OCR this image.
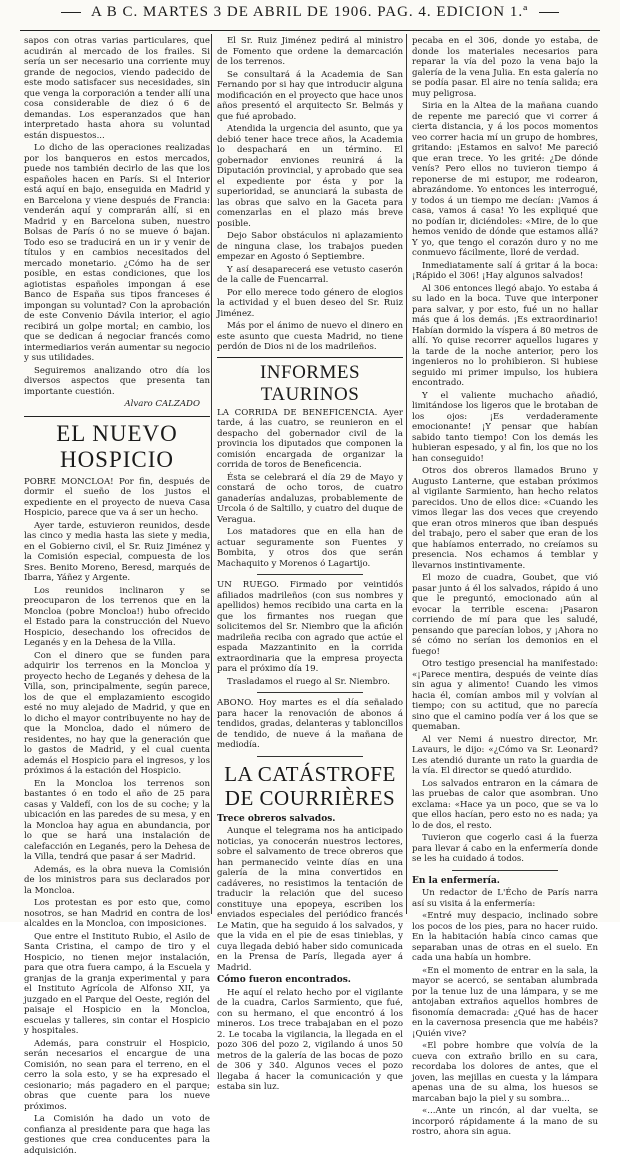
A B C. MARTES 3 DE ABRIL DE 1906. PAG. 4. EDICION 1.ª

sapos con otras varias particulares, que acudirán al mercado de los frailes. Si sería un ser necesario una corriente muy grande de negocios, viendo padecido de este modo satisfacer sus necesidades, sin que venga la corporación a tender allí una cosa considerable de diez ó 6 de demandas. Los esperanzados que han interpretado hasta ahora su voluntad están dispuestos...

Lo dicho de las operaciones realizadas por los banqueros en estos mercados, puede nos también decirlo de las que los españoles hacen en París. Si el Interior está aquí en bajo, enseguida en Madrid y en Barcelona y viene después de Francia: venderán aquí y comprarán allí, si en Madrid y en Barcelona suben, nuestro Bolsas de París ó no se mueve ó bajan. Todo eso se traducirá en un ir y venir de títulos y en cambios necesitados del mercado monetario. ¿Cómo ha de ser posible, en estas condiciones, que los agiotistas españoles impongan á ese Banco de España sus tipos franceses é impongan su voluntad? Con la aprobación de este Convenio Dávila interior, el agio recibirá un golpe mortal; en cambio, los que se dedican á negociar francés como intermediarios verán aumentar su negocio y sus utilidades.

Seguiremos analizando otro día los diversos aspectos que presenta tan importante cuestión.

Alvaro CALZADO
EL NUEVO HOSPICIO

POBRE MONCLOA! Por fin, después de dormir el sueño de los justos el expediente en el proyecto de nueva Casa Hospicio, parece que va á ser un hecho.

Ayer tarde, estuvieron reunidos, desde las cinco y media hasta las siete y media, en el Gobierno civil, el Sr. Ruiz Jiménez y la Comisión especial, compuesta de los Sres. Benito Moreno, Beresd, marqués de Ibarra, Yáñez y Argente.

Los reunidos inclinaron y se preocuparon de los terrenos que en la Moncloa (pobre Moncloa!) hubo ofrecido el Estado para la construcción del Nuevo Hospicio, desechando los ofrecidos de Leganés y en la Dehesa de la Villa.

Con el dinero que se funden para adquirir los terrenos en la Moncloa y proyecto hecho de Leganés y dehesa de la Villa, son, principalmente, según parece, los de que el emplazamiento escogido esté no muy alejado de Madrid, y que en lo dicho el mayor contribuyente no hay de que la Moncloa, dado el número de residentes, no hay que la generación que lo gastos de Madrid, y el cual cuenta además el Hospicio para el ingresos, y los próximos á la estación del Hospicio.

En la Moncloa los terrenos son bastantes ó en todo el año de 25 para casas y Valdefí, con los de su coche; y la ubicación en las paredes de su mesa, y en la Moncloa hay agua en abundancia, por lo que se hará una instalación de calefacción en Leganés, pero la Dehesa de la Villa, tendrá que pasar á ser Madrid.

Además, es la obra nueva la Comisión de los ministros para sus declarados por la Moncloa.

Los protestan es por esto que, como nosotros, se han Madrid en contra de los alcaldes en la Moncloa, con imposiciones.

Que entre el Instituto Rubio, el Asilo de Santa Cristina, el campo de tiro y el Hospicio, no tienen mejor instalación, para que otra fuera campo, á la Escuela y granjas de la granja experimental y para el Instituto Agrícola de Alfonso XII, ya juzgado en el Parque del Oeste, región del paisaje el Hospicio en la Moncloa, escuelas y talleres, sin contar el Hospicio y hospitales.

Además, para construir el Hospicio, serán necesarios el encargue de una Comisión, no sean para el terreno, en el cerro la sola esto, y se ha expresado el cesionario; más pagadero en el parque; obras que cuente para los nueve próximos.

La Comisión ha dado un voto de confianza al presidente para que haga las gestiones que crea conducentes para la adquisición.

El Sr. Ruiz Jiménez pedirá al ministro de Fomento que ordene la demarcación de los terrenos.

Se consultará á la Academia de San Fernando por si hay que introducir alguna modificación en el proyecto que hace unos años presentó el arquitecto Sr. Belmás y que fué aprobado.

Atendida la urgencia del asunto, que ya debió tener hace trece años, la Academia lo despachará en un término. El gobernador enviones reunirá á la Diputación provincial, y aprobado que sea el expediente por ésta y por la superioridad, se anunciará la subasta de las obras que salvo en la Gaceta para comenzarlas en el plazo más breve posible.

Dejo Sabor obstáculos ni aplazamiento de ninguna clase, los trabajos pueden empezar en Agosto ó Septiembre.

Y así desaparecerá ese vetusto caserón de la calle de Fuencarral.

Por ello merece todo género de elogios la actividad y el buen deseo del Sr. Ruiz Jiménez.

Más por el ánimo de nuevo el dinero en este asunto que cuesta Madrid, no tiene perdón de Dios ni de los madrileños.

INFORMES TAURINOS

LA CORRIDA DE BENEFICENCIA. Ayer tarde, á las cuatro, se reunieron en el despacho del gobernador civil de la provincia los diputados que componen la comisión encargada de organizar la corrida de toros de Beneficencia.

Ésta se celebrará el día 29 de Mayo y constará de ocho toros, de cuatro ganaderías andaluzas, probablemente de Urcola ó de Saltillo, y cuatro del duque de Veragua.

Los matadores que en ella han de actuar seguramente son Fuentes y Bombita, y otros dos que serán Machaquito y Morenos ó Lagartijo.

UN RUEGO. Firmado por veintidós afiliados madrileños (con sus nombres y apellidos) hemos recibido una carta en la que los firmantes nos ruegan que solicitemos del Sr. Niembro que la afición madrileña reciba con agrado que actúe el espada Mazzantinito en la corrida extraordinaria que la empresa proyecta para el próximo día 19.

Trasladamos el ruego al Sr. Niembro.

ABONO. Hoy martes es el día señalado para hacer la renovación de abonos á tendidos, gradas, delanteras y tabloncillos de tendido, de nueve á la mañana de mediodía.

LA CATÁSTROFE
DE COURRIÈRES

Trece obreros salvados.

Aunque el telegrama nos ha anticipado noticias, ya conocerán nuestros lectores, sobre el salvamento de trece obreros que han permanecido veinte días en una galería de la mina convertidos en cadáveres, no resistimos la tentación de traducir la relación que del suceso constituye una epopeya, escriben los enviados especiales del periódico francés Le Matin, que ha seguido á los salvados, y que la vida en el pie de esas tinieblas, y cuya llegada debió haber sido comunicada en la Prensa de París, llegada ayer á Madrid.

Cómo fueron encontrados.

He aquí el relato hecho por el vigilante de la cuadra, Carlos Sarmiento, que fué, con su hermano, el que encontró á los mineros. Los trece trabajaban en el pozo 2. Le tocaba la vigilancia, la llegada en el pozo 306 del pozo 2, vigilando á unos 50 metros de la galería de las bocas de pozo de 306 y 340. Algunos veces el pozo llegaba á hacer la comunicación y que estaba sin luz.

pecaba en el 306, donde yo estaba, de donde los materiales necesarios para reparar la vía del pozo la vena bajo la galería de la vena Julia. En esta galería no se podía pasar. El aire no tenía salida; era muy peligrosa.

Siria en la Altea de la mañana cuando de repente me pareció que vi correr á cierta distancia, y á los pocos momentos veo correr hacia mí un grupo de hombres, gritando: ¡Estamos en salvo! Me pareció que eran trece. Yo les grité: ¿De dónde venís? Pero ellos no tuvieron tiempo á reponerse de mi estupor, me rodearon, abrazándome. Yo entonces les interrogué, y todos á un tiempo me decían: ¡Vamos á casa, vamos á casa! Yo les expliqué que no podían ir, diciéndoles: «Mire, de lo que hemos venido de dónde que estamos allá? Y yo, que tengo el corazón duro y no me conmuevo fácilmente, lloré de verdad.

Inmediatamente salí á gritar á la boca: ¡Rápido el 306! ¡Hay algunos salvados!

Al 306 entonces llegó abajo. Yo estaba á su lado en la boca. Tuve que interponer para salvar, y por esto, fué un no hallar más que á los demás. ¡Es extraordinario! Habían dormido la víspera á 80 metros de allí. Yo quise recorrer aquellos lugares y la tarde de la noche anterior, pero los ingenieros no lo prohibieron. Si hubiese seguido mi primer impulso, los hubiera encontrado.

Y el valiente muchacho añadió, limitándose los ligeros que le brotaban de los ojos: ¡Es verdaderamente emocionante! ¡Y pensar que habían sabido tanto tiempo! Con los demás les hubieran espesado, y al fin, los que no los han conseguido!

Otros dos obreros llamados Bruno y Augusto Lanterne, que estaban próximos al vigilante Sarmiento, han hecho relatos parecidos. Uno de ellos dice: «Cuando les vimos llegar las dos veces que creyendo que eran otros mineros que iban después del trabajo, pero el saber que eran de los que habíamos enterrado, no creíamos su presencia. Nos echamos á temblar y llevarnos instintivamente.

El mozo de cuadra, Goubet, que vió pasar junto á él los salvados, rápido á uno que le preguntó, emocionado aún al evocar la terrible escena: ¡Pasaron corriendo de mí para que les saludé, pensando que parecían lobos, y ¡Ahora no sé cómo no serían los demonios en el fuego!

Otro testigo presencial ha manifestado: «¡Parece mentira, después de veinte días sin agua y alimento! Cuando les vimos hacia él, comían ambos mil y volvían al tiempo; con su actitud, que no parecía sino que el camino podía ver á los que se quemaban.

Al ver Nemi á nuestro director, Mr. Lavaurs, le dijo: «¿Cómo va Sr. Leonard? Les atendió durante un rato la guardia de la vía. El director se quedó aturdido.

Los salvados entraron en la cámara de las pruebas de calor que asombran. Uno exclama: «Hace ya un poco, que se va lo que ellos hacían, pero esto no es nada; ya lo de dos, el resto.

Tuvieron que cogerlo casi á la fuerza para llevar á cabo en la enfermería donde se les ha cuidado á todos.

En la enfermería.

Un redactor de L'Écho de París narra así su visita á la enfermería:

«Entré muy despacio, inclinado sobre los pocos de los pies, para no hacer ruido. En la habitación había cinco camas que separaban unas de otras en el suelo. En cada una había un hombre.

«En el momento de entrar en la sala, la mayor se acercó, se sentaban alumbrada por la tenue luz de una lámpara, y se me antojaban extraños aquellos hombres de fisonomía demacrada: ¿Qué has de hacer en la cavernosa presencia que me habéis? ¡Quién vive?

«El pobre hombre que volvía de la cueva con extraño brillo en su cara, recordaba los dolores de antes, que el joven, las mejillas en cuesta y la lámpara apenas una de su alma, los huesos se marcaban bajo la piel y su sombra...

«...Ante un rincón, al dar vuelta, se incorporó rápidamente á la mano de su rostro, ahora sin agua.
